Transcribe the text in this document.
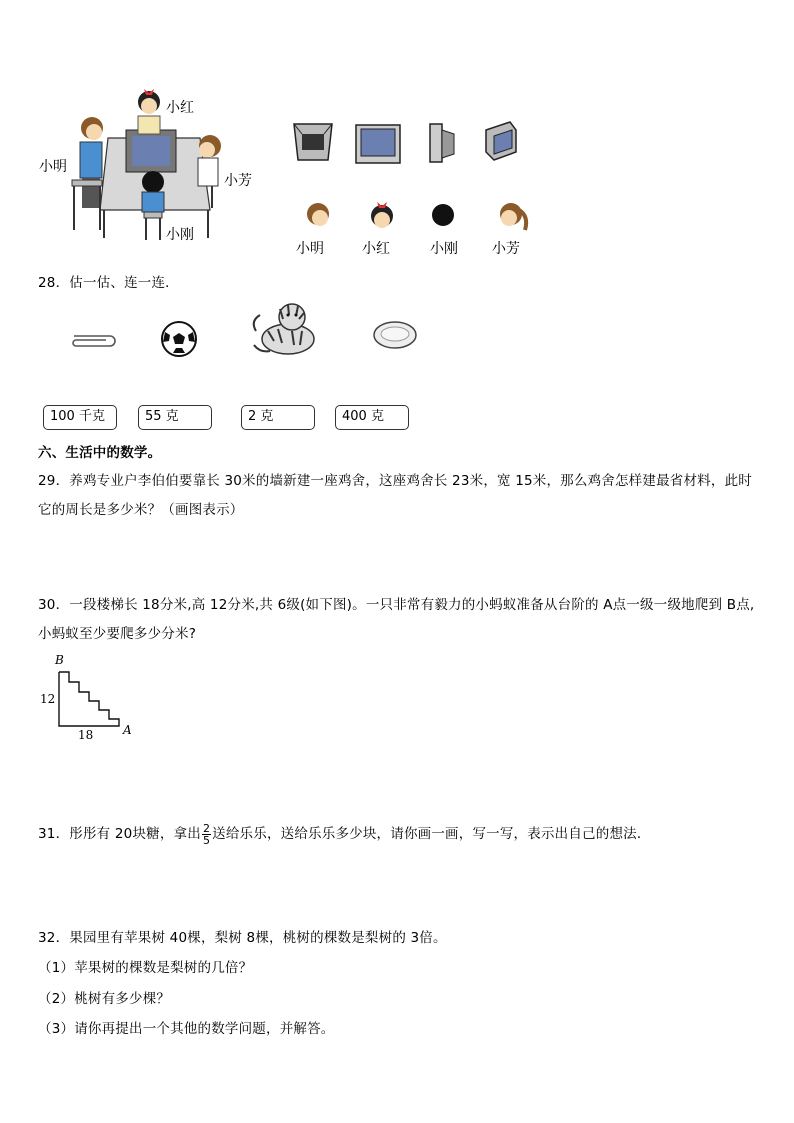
小红
小明
小芳
小刚
小明	小红	小刚 小芳
28．估一估、连一连．
100 千克	55 克	2 克	400 克
六、生活中的数学。
29．养鸡专业户李伯伯要靠长 30米的墙新建一座鸡舍，这座鸡舍长 23米，宽 15米，那么鸡舍怎样建最省材料，此时
它的周长是多少米？（画图表示）
30．一段楼梯长 18分米,高 12分米,共 6级(如下图)。一只非常有毅力的小蚂蚁准备从台阶的 A点一级一级地爬到 B点,
小蚂蚁至少要爬多少分米?
B
A
12
18
31．彤彤有 20块糖，拿出 $\frac{2}{5}$ 送给乐乐，送给乐乐多少块，请你画一画，写一写，表示出自己的想法．
32．果园里有苹果树 40棵，梨树 8棵，桃树的棵数是梨树的 3倍。
（1）苹果树的棵数是梨树的几倍？
（2）桃树有多少棵？
（3）请你再提出一个其他的数学问题，并解答。
